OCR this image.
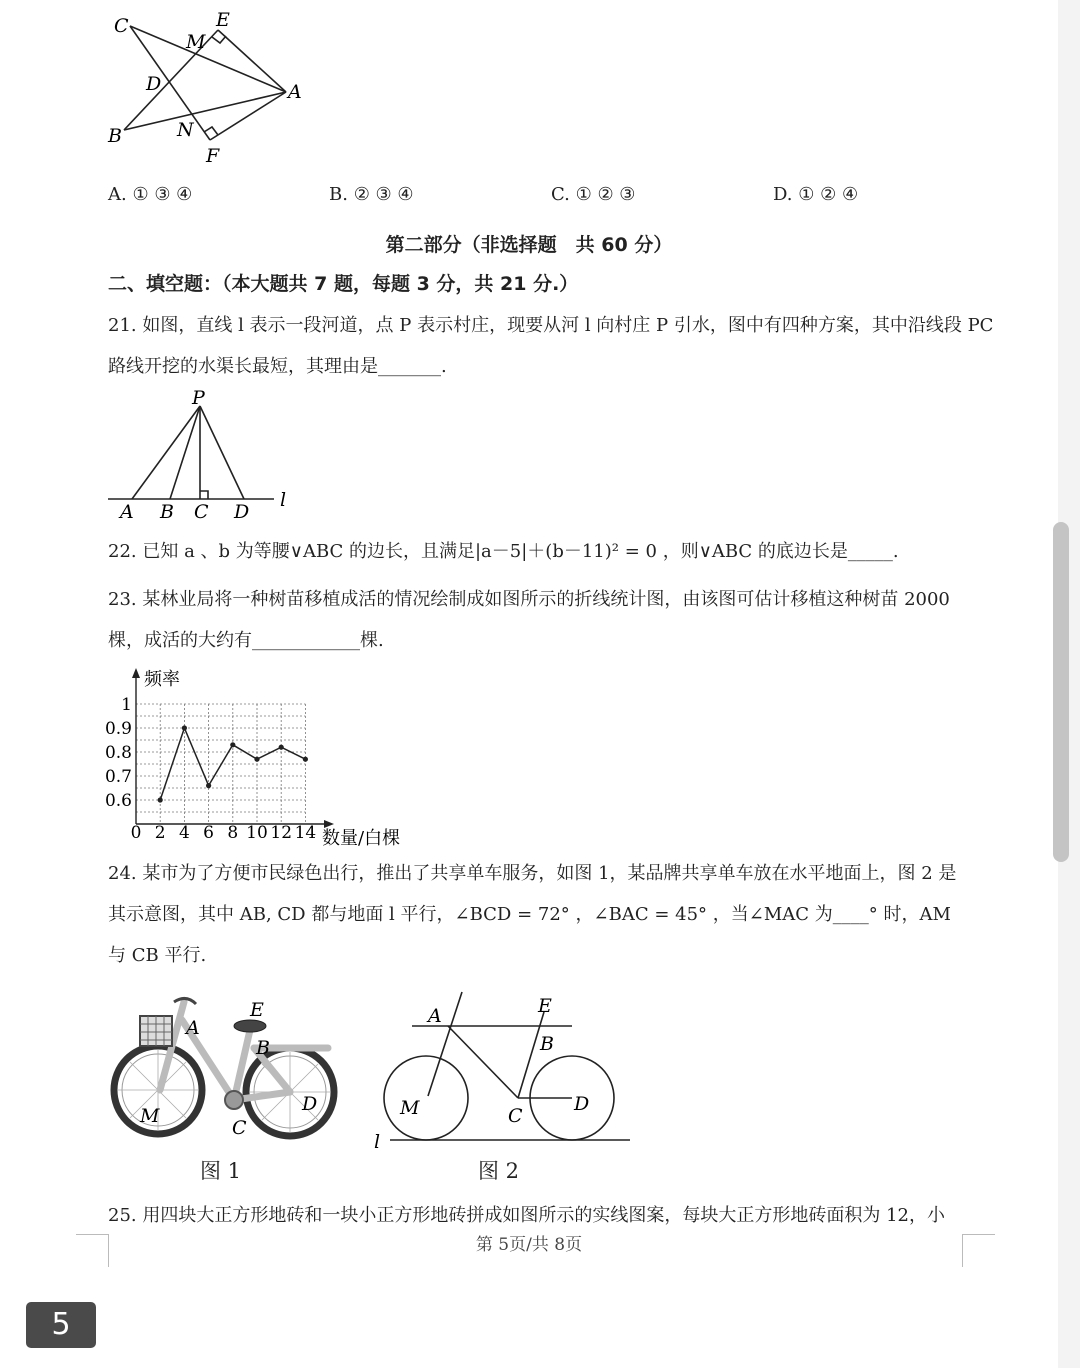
C	E
M
D	A
B	N
F
A. ① ③ ④	B. ② ③ ④	C. ① ② ③	D. ① ② ④
第二部分（非选择题　共 60 分）
二、填空题：（本大题共 7 题，每题 3 分，共 21 分.）
21. 如图，直线 l 表示一段河道，点 P 表示村庄，现要从河 l 向村庄 P 引水，图中有四种方案，其中沿线段 PC
路线开挖的水渠长最短，其理由是_______.
P
l
A B C D
22. 已知 a 、b 为等腰∨ABC 的边长，且满足|a－5|＋(b－11)² = 0 ，则∨ABC 的底边长是_____.
23. 某林业局将一种树苗移植成活的情况绘制成如图所示的折线统计图，由该图可估计移植这种树苗 2000
棵，成活的大约有____________棵.
0 2 4 6 8 10 12 14
0.6
0.7
0.8
0.9
1
频率
数量/白棵
24. 某市为了方便市民绿色出行，推出了共享单车服务，如图 1，某品牌共享单车放在水平地面上，图 2 是
其示意图，其中 AB, CD 都与地面 l 平行，∠BCD = 72° ，∠BAC = 45° ，当∠MAC 为____° 时，AM
与 CB 平行.
A
E
B
M
D
C
图 1
A	E
B
M	C
D
l
图 2
25. 用四块大正方形地砖和一块小正方形地砖拼成如图所示的实线图案，每块大正方形地砖面积为 12，小
第 5页/共 8页
5
